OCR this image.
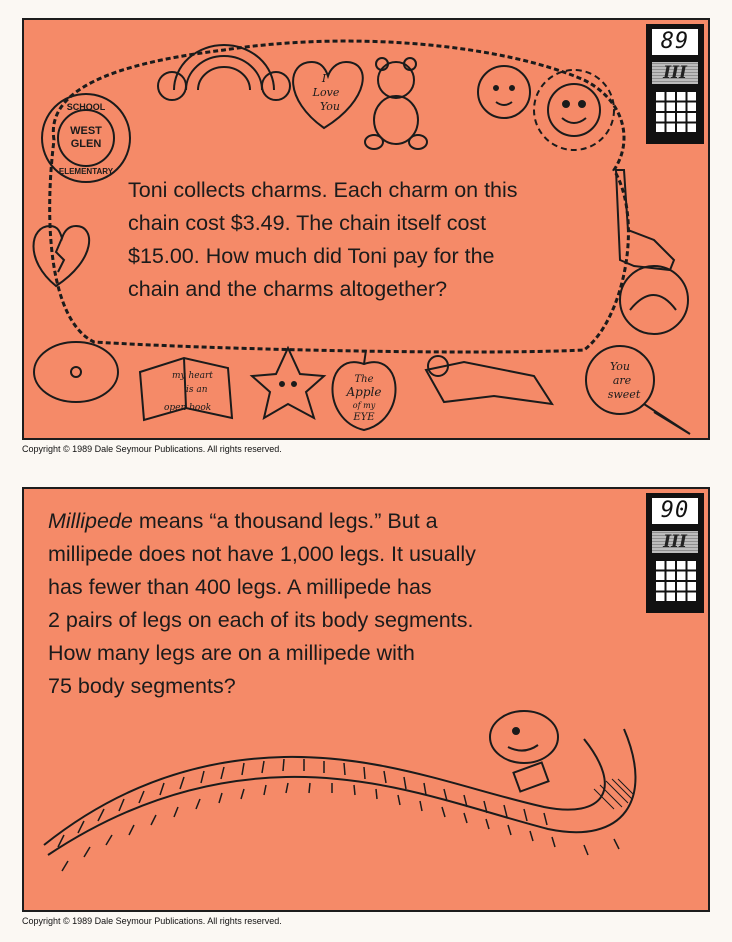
SCHOOL
WEST
GLEN
ELEMENTARY
I
Love
You
my heart
is an
open book
The
Apple
of my
EYE
You
are
sweet

Toni collects charms. Each charm on this
chain cost $3.49. The chain itself cost
$15.00. How much did Toni pay for the
chain and the charms altogether?

89
III
Copyright © 1989 Dale Seymour Publications. All rights reserved.

Millipede means “a thousand legs.” But a
millipede does not have 1,000 legs. It usually
has fewer than 400 legs. A millipede has
2 pairs of legs on each of its body segments.
How many legs are on a millipede with
75 body segments?

90
III
Copyright © 1989 Dale Seymour Publications. All rights reserved.
